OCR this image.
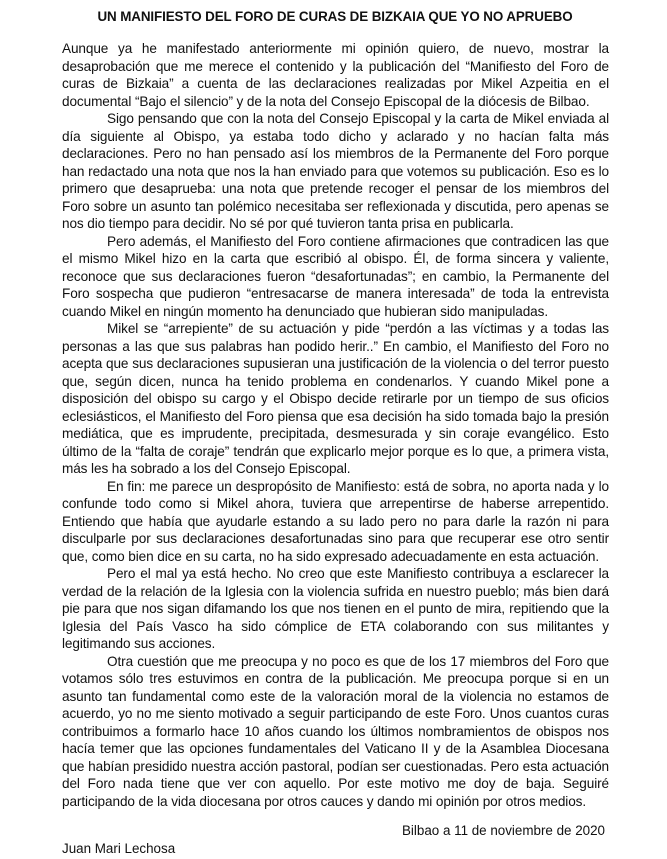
UN MANIFIESTO DEL FORO DE CURAS DE BIZKAIA QUE YO NO APRUEBO

Aunque ya he manifestado anteriormente mi opinión quiero, de nuevo, mostrar la desaprobación que me merece el contenido y la publicación del “Manifiesto del Foro de curas de Bizkaia” a cuenta de las declaraciones realizadas por Mikel Azpeitia en el documental “Bajo el silencio” y de la nota del Consejo Episcopal de la diócesis de Bilbao.

Sigo pensando que con la nota del Consejo Episcopal y la carta de Mikel enviada al día siguiente al Obispo, ya estaba todo dicho y aclarado y no hacían falta más declaraciones. Pero no han pensado así los miembros de la Permanente del Foro porque han redactado una nota que nos la han enviado para que votemos su publicación. Eso es lo primero que desaprueba: una nota que pretende recoger el pensar de los miembros del Foro sobre un asunto tan polémico necesitaba ser reflexionada y discutida, pero apenas se nos dio tiempo para decidir. No sé por qué tuvieron tanta prisa en publicarla.

Pero además, el Manifiesto del Foro contiene afirmaciones que contradicen las que el mismo Mikel hizo en la carta que escribió al obispo. Él, de forma sincera y valiente, reconoce que sus declaraciones fueron “desafortunadas”; en cambio, la Permanente del Foro sospecha que pudieron “entresacarse de manera interesada” de toda la entrevista cuando Mikel en ningún momento ha denunciado que hubieran sido manipuladas.

Mikel se “arrepiente” de su actuación y pide “perdón a las víctimas y a todas las personas a las que sus palabras han podido herir..” En cambio, el Manifiesto del Foro no acepta que sus declaraciones supusieran una justificación de la violencia o del terror puesto que, según dicen, nunca ha tenido problema en condenarlos. Y cuando Mikel pone a disposición del obispo su cargo y el Obispo decide retirarle por un tiempo de sus oficios eclesiásticos, el Manifiesto del Foro piensa que esa decisión ha sido tomada bajo la presión mediática, que es imprudente, precipitada, desmesurada y sin coraje evangélico. Esto último de la “falta de coraje” tendrán que explicarlo mejor porque es lo que, a primera vista, más les ha sobrado a los del Consejo Episcopal.

En fin: me parece un despropósito de Manifiesto: está de sobra, no aporta nada y lo confunde todo como si Mikel ahora, tuviera que arrepentirse de haberse arrepentido. Entiendo que había que ayudarle estando a su lado pero no para darle la razón ni para disculparle por sus declaraciones desafortunadas sino para que recuperar ese otro sentir que, como bien dice en su carta, no ha sido expresado adecuadamente en esta actuación.

Pero el mal ya está hecho. No creo que este Manifiesto contribuya a esclarecer la verdad de la relación de la Iglesia con la violencia sufrida en nuestro pueblo; más bien dará pie para que nos sigan difamando los que nos tienen en el punto de mira, repitiendo que la Iglesia del País Vasco ha sido cómplice de ETA colaborando con sus militantes y legitimando sus acciones.

Otra cuestión que me preocupa y no poco es que de los 17 miembros del Foro que votamos sólo tres estuvimos en contra de la publicación. Me preocupa porque si en un asunto tan fundamental como este de la valoración moral de la violencia no estamos de acuerdo, yo no me siento motivado a seguir participando de este Foro. Unos cuantos curas contribuimos a formarlo hace 10 años cuando los últimos nombramientos de obispos nos hacía temer que las opciones fundamentales del Vaticano II y de la Asamblea Diocesana que habían presidido nuestra acción pastoral, podían ser cuestionadas. Pero esta actuación del Foro nada tiene que ver con aquello. Por este motivo me doy de baja. Seguiré participando de la vida diocesana por otros cauces y dando mi opinión por otros medios.

Bilbao a 11 de noviembre de 2020
Juan Mari Lechosa
